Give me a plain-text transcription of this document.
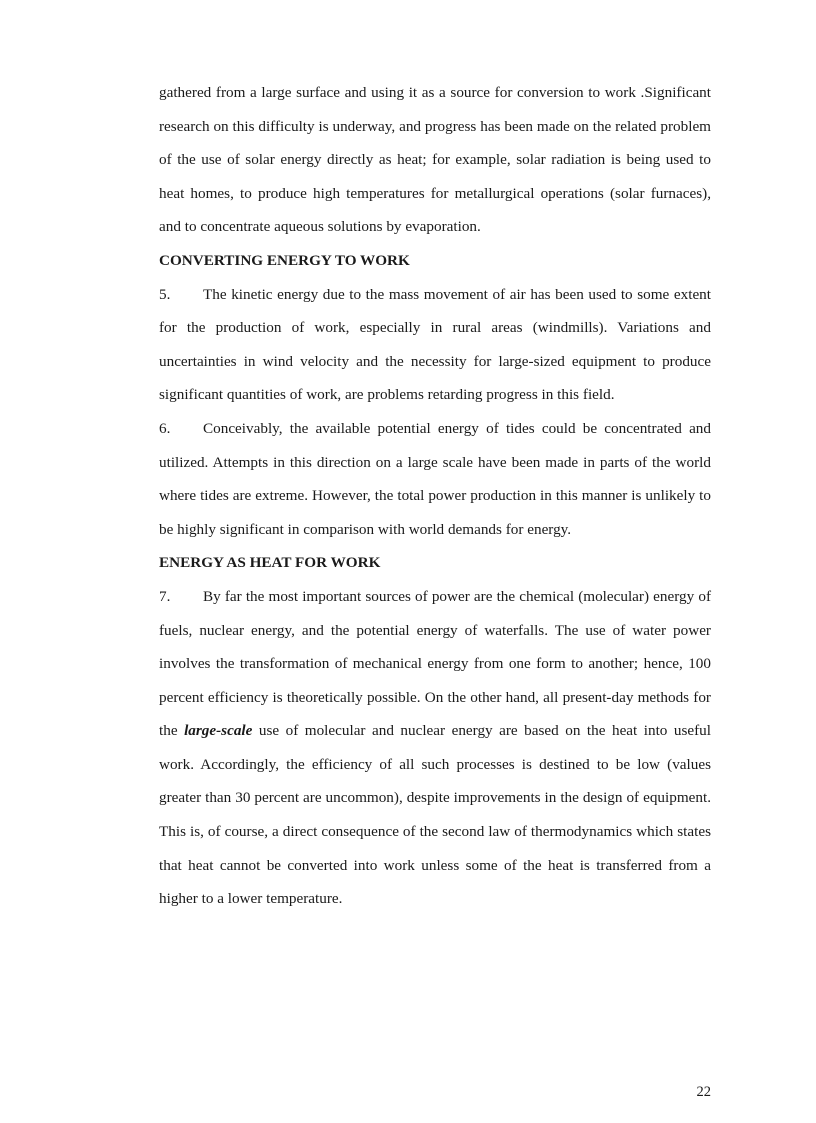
gathered from a large surface and using it as a source for conversion to work .Significant research on this difficulty is underway, and progress has been made on the related problem of the use of solar energy directly as heat; for example, solar radiation is being used to heat homes, to produce high temperatures for metallurgical operations (solar furnaces), and to concentrate aqueous solutions by evaporation.

CONVERTING ENERGY TO WORK

5. The kinetic energy due to the mass movement of air has been used to some extent for the production of work, especially in rural areas (windmills). Variations and uncertainties in wind velocity and the necessity for large-sized equipment to produce significant quantities of work, are problems retarding progress in this field.

6. Conceivably, the available potential energy of tides could be concentrated and utilized. Attempts in this direction on a large scale have been made in parts of the world where tides are extreme. However, the total power production in this manner is unlikely to be highly significant in comparison with world demands for energy.

ENERGY AS HEAT FOR WORK

7. By far the most important sources of power are the chemical (molecular) energy of fuels, nuclear energy, and the potential energy of waterfalls. The use of water power involves the transformation of mechanical energy from one form to another; hence, 100 percent efficiency is theoretically possible. On the other hand, all present-day methods for the large-scale use of molecular and nuclear energy are based on the heat into useful work. Accordingly, the efficiency of all such processes is destined to be low (values greater than 30 percent are uncommon), despite improvements in the design of equipment. This is, of course, a direct consequence of the second law of thermodynamics which states that heat cannot be converted into work unless some of the heat is transferred from a higher to a lower temperature.

22
